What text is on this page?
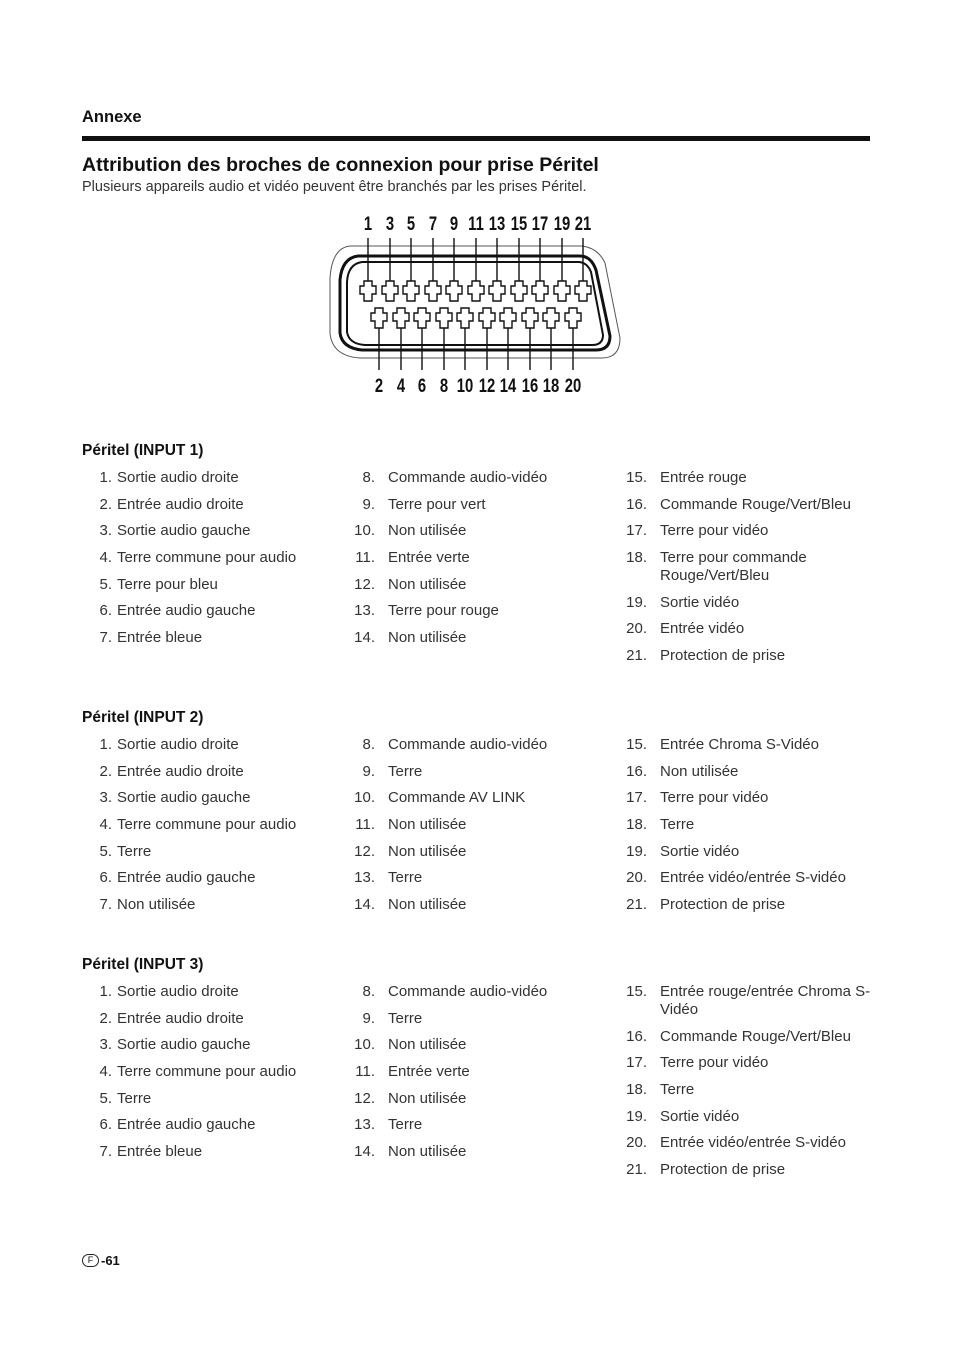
Annexe
Attribution des broches de connexion pour prise Péritel

Plusieurs appareils audio et vidéo peuvent être branchés par les prises Péritel.

1 3 5 7 9 11 13 15 17 19 21
2 4 6 8 10 12 14 16 18 20
Péritel (INPUT 1)
1. Sortie audio droite
2. Entrée audio droite
3. Sortie audio gauche
4. Terre commune pour audio
5. Terre pour bleu
6. Entrée audio gauche
7. Entrée bleue
8. Commande audio-vidéo
9. Terre pour vert
10. Non utilisée
11. Entrée verte
12. Non utilisée
13. Terre pour rouge
14. Non utilisée
15. Entrée rouge
16. Commande Rouge/Vert/Bleu
17. Terre pour vidéo
18. Terre pour commande Rouge/Vert/Bleu
19. Sortie vidéo
20. Entrée vidéo
21. Protection de prise
Péritel (INPUT 2)
1. Sortie audio droite
2. Entrée audio droite
3. Sortie audio gauche
4. Terre commune pour audio
5. Terre
6. Entrée audio gauche
7. Non utilisée
8. Commande audio-vidéo
9. Terre
10. Commande AV LINK
11. Non utilisée
12. Non utilisée
13. Terre
14. Non utilisée
15. Entrée Chroma S-Vidéo
16. Non utilisée
17. Terre pour vidéo
18. Terre
19. Sortie vidéo
20. Entrée vidéo/entrée S-vidéo
21. Protection de prise
Péritel (INPUT 3)
1. Sortie audio droite
2. Entrée audio droite
3. Sortie audio gauche
4. Terre commune pour audio
5. Terre
6. Entrée audio gauche
7. Entrée bleue
8. Commande audio-vidéo
9. Terre
10. Non utilisée
11. Entrée verte
12. Non utilisée
13. Terre
14. Non utilisée
15. Entrée rouge/entrée Chroma S-Vidéo
16. Commande Rouge/Vert/Bleu
17. Terre pour vidéo
18. Terre
19. Sortie vidéo
20. Entrée vidéo/entrée S-vidéo
21. Protection de prise
F -61
